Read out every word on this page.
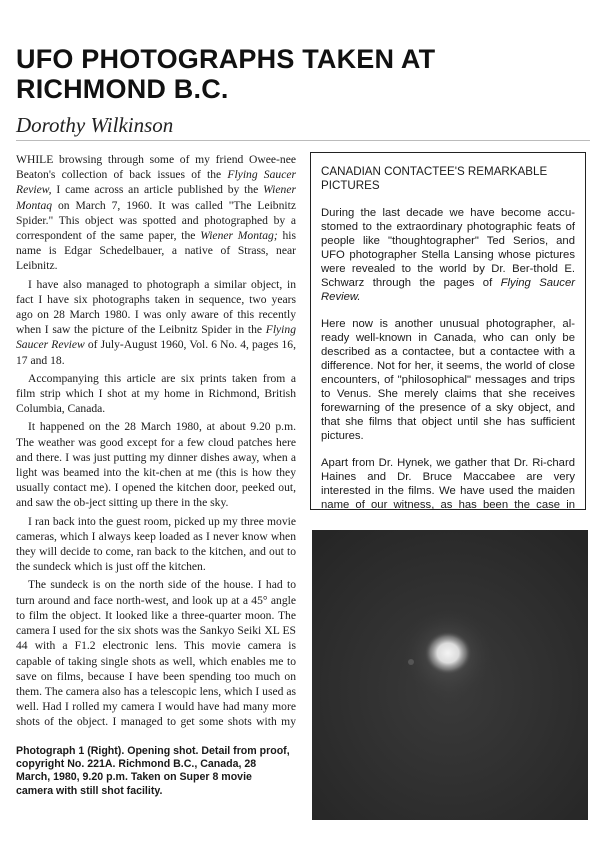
UFO PHOTOGRAPHS TAKEN AT
RICHMOND B.C.
Dorothy Wilkinson

WHILE browsing through some of my friend Owee-nee Beaton's collection of back issues of the Flying Saucer Review, I came across an article published by the Wiener Montaq on March 7, 1960. It was called "The Leibnitz Spider." This object was spotted and photographed by a correspondent of the same paper, the Wiener Montag; his name is Edgar Schedelbauer, a native of Strass, near Leibnitz.

I have also managed to photograph a similar object, in fact I have six photographs taken in sequence, two years ago on 28 March 1980. I was only aware of this recently when I saw the picture of the Leibnitz Spider in the Flying Saucer Review of July-August 1960, Vol. 6 No. 4, pages 16, 17 and 18.

Accompanying this article are six prints taken from a film strip which I shot at my home in Richmond, British Columbia, Canada.

It happened on the 28 March 1980, at about 9.20 p.m. The weather was good except for a few cloud patches here and there. I was just putting my dinner dishes away, when a light was beamed into the kit-chen at me (this is how they usually contact me). I opened the kitchen door, peeked out, and saw the ob-ject sitting up there in the sky.

I ran back into the guest room, picked up my three movie cameras, which I always keep loaded as I never know when they will decide to come, ran back to the kitchen, and out to the sundeck which is just off the kitchen.

The sundeck is on the north side of the house. I had to turn around and face north-west, and look up at a 45° angle to film the object. It looked like a three-quarter moon. The camera I used for the six shots was the Sankyo Seiki XL ES 44 with a F1.2 electronic lens. This movie camera is capable of taking single shots as well, which enables me to save on films, because I have been spending too much on them. The camera also has a telescopic lens, which I used as well. Had I rolled my camera I would have had many more shots of the object. I managed to get some shots with my

CANADIAN CONTACTEE'S REMARKABLE PICTURES

During the last decade we have become accu-stomed to the extraordinary photographic feats of people like "thoughtographer" Ted Serios, and UFO photographer Stella Lansing whose pictures were revealed to the world by Dr. Ber-thold E. Schwarz through the pages of Flying Saucer Review.

Here now is another unusual photographer, al-ready well-known in Canada, who can only be described as a contactee, but a contactee with a difference. Not for her, it seems, the world of close encounters, of "philosophical" messages and trips to Venus. She merely claims that she receives forewarning of the presence of a sky object, and that she films that object until she has sufficient pictures.

Apart from Dr. Hynek, we gather that Dr. Ri-chard Haines and Dr. Bruce Maccabee are very interested in the films. We have used the maiden name of our witness, as has been the case in

Photograph 1 (Right). Opening shot. Detail from proof, copyright No. 221A. Richmond B.C., Canada, 28 March, 1980, 9.20 p.m. Taken on Super 8 movie camera with still shot facility.
